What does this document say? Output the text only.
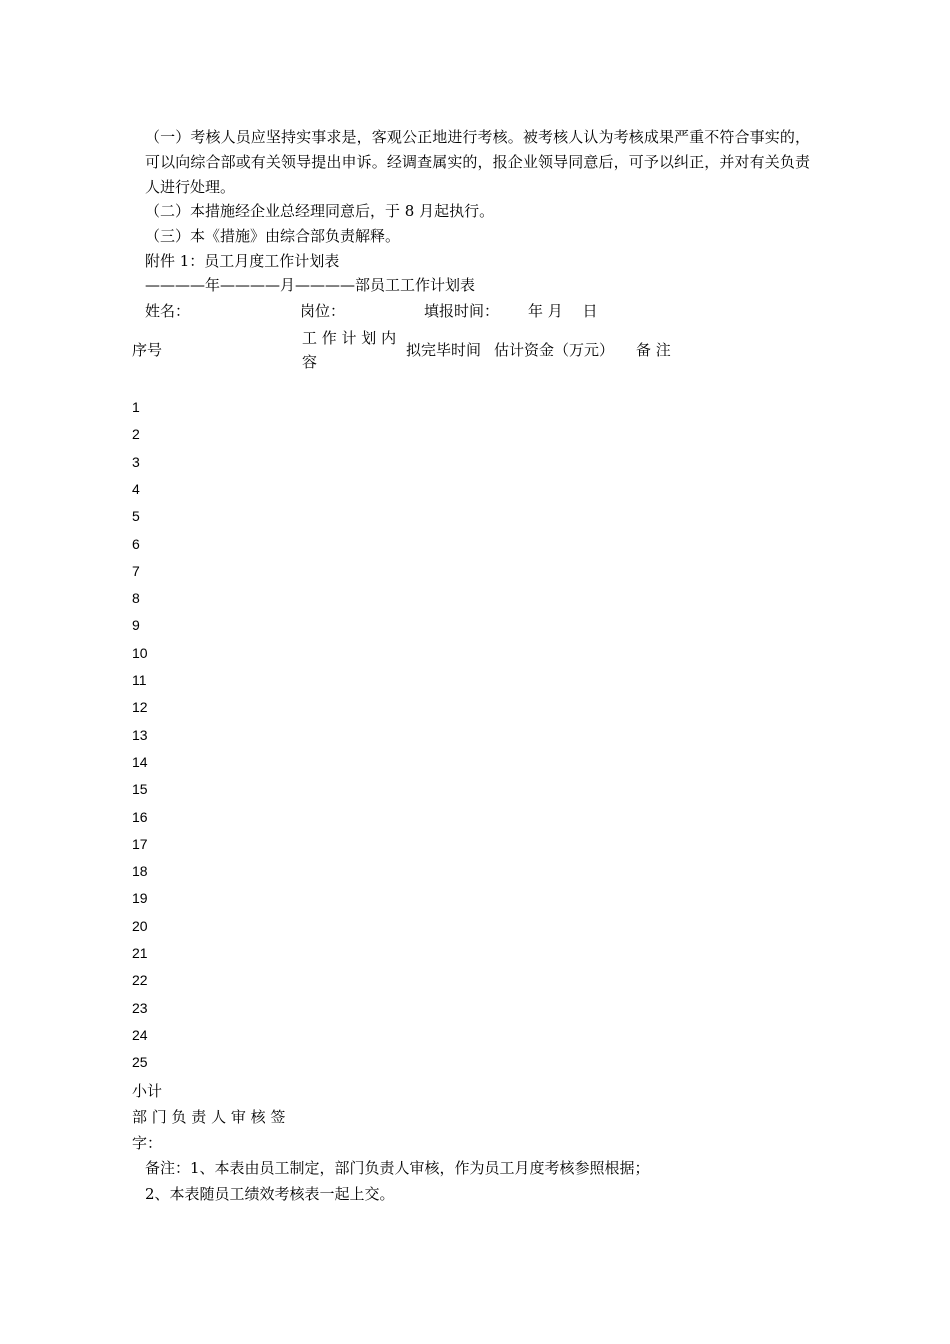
（一）考核人员应坚持实事求是，客观公正地进行考核。被考核人认为考核成果严重不符合事实的，可以向综合部或有关领导提出申诉。经调查属实的，报企业领导同意后，可予以纠正，并对有关负责人进行处理。
（二）本措施经企业总经理同意后，于 8 月起执行。
（三）本《措施》由综合部负责解释。
附件 1：员工月度工作计划表
————年————月————部员工工作计划表
姓名：	岗位：	填报时间： 年 月　 日
序号
工 作 计 划 内
容
拟完毕时间 估计资金（万元） 备 注
1
2
3
4
5
6
7
8
9
10
11
12
13
14
15
16
17
18
19
20
21
22
23
24
25
小计
部 门 负 责 人 审 核 签
字：
备注：1、本表由员工制定，部门负责人审核，作为员工月度考核参照根据；
2、本表随员工绩效考核表一起上交。
